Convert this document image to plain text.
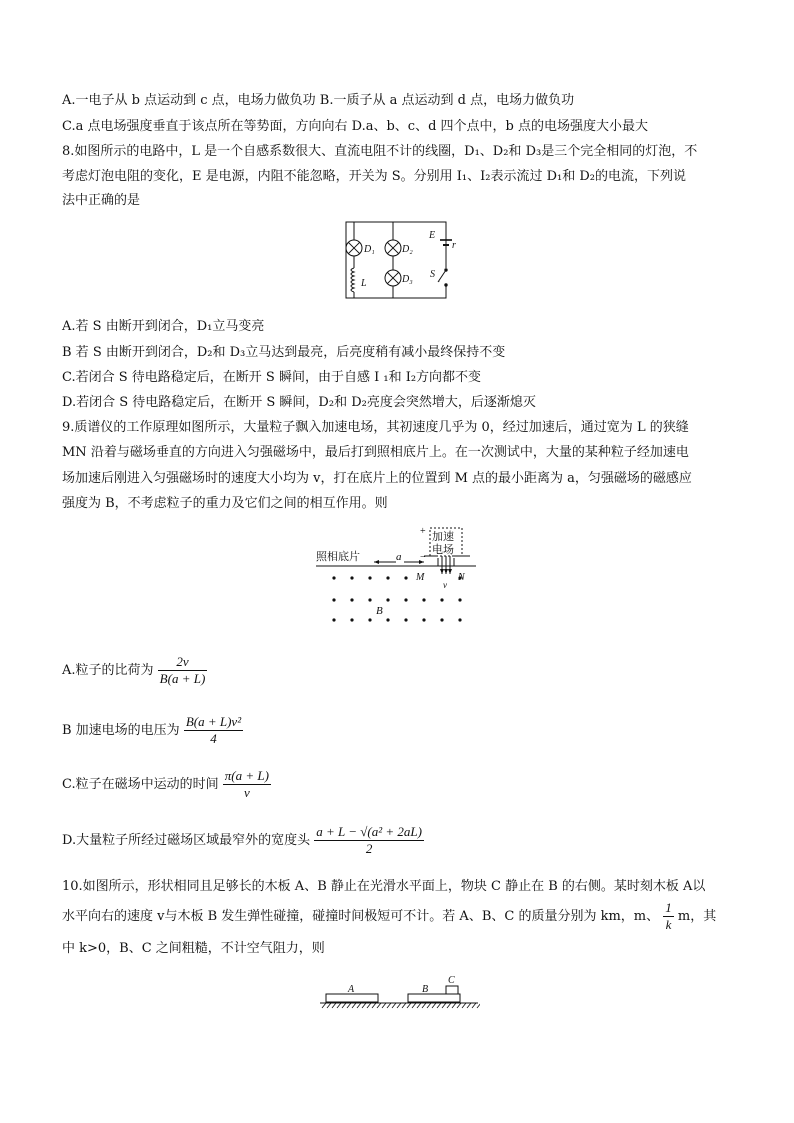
A.一电子从 b 点运动到 c 点，电场力做负功 B.一质子从 a 点运动到 d 点，电场力做负功
C.a 点电场强度垂直于该点所在等势面，方向向右 D.a、b、c、d 四个点中，b 点的电场强度大小最大
8.如图所示的电路中，L 是一个自感系数很大、直流电阻不计的线圈，D₁、D₂和 D₃是三个完全相同的灯泡，不
考虑灯泡电阻的变化，E 是电源，内阻不能忽略，开关为 S。分别用 I₁、I₂表示流过 D₁和 D₂的电流，下列说
法中正确的是
D₁	D₂
D₃
E
r
S
L
A.若 S 由断开到闭合，D₁立马变亮
B 若 S 由断开到闭合，D₂和 D₃立马达到最亮，后亮度稍有减小最终保持不变
C.若闭合 S 待电路稳定后，在断开 S 瞬间，由于自感 I ₁和 I₂方向都不变
D.若闭合 S 待电路稳定后，在断开 S 瞬间，D₂和 D₂亮度会突然增大，后逐渐熄灭
9.质谱仪的工作原理如图所示，大量粒子飘入加速电场，其初速度几乎为 0，经过加速后，通过宽为 L 的狭缝
MN 沿着与磁场垂直的方向进入匀强磁场中，最后打到照相底片上。在一次测试中，大量的某种粒子经加速电
场加速后刚进入匀强磁场时的速度大小均为 v，打在底片上的位置到 M 点的最小距离为 a，匀强磁场的磁感应
强度为 B，不考虑粒子的重力及它们之间的相互作用。则
照相底片
加速
电场
a
M	N
v
B
+
−
A.粒子的比荷为 $\frac{2v}{B(a + L)}$
B 加速电场的电压为 $\frac{\text{B(a + L)v²}}{4}$
C.粒子在磁场中运动的时间 $\frac{\pi(a + L)}{v}$
D.大量粒子所经过磁场区域最窄外的宽度头 $\frac{\text{a + L − √(a² + 2aL)}}{2}$
10.如图所示，形状相同且足够长的木板 A、B 静止在光滑水平面上，物块 C 静止在 B 的右侧。某时刻木板 A以
水平向右的速度 v与木板 B 发生弹性碰撞，碰撞时间极短可不计。若 A、B、C 的质量分别为 km，m、 $\frac{1}{k}$ m，其
中 k>0，B、C 之间粗糙，不计空气阻力，则
A	B
C
